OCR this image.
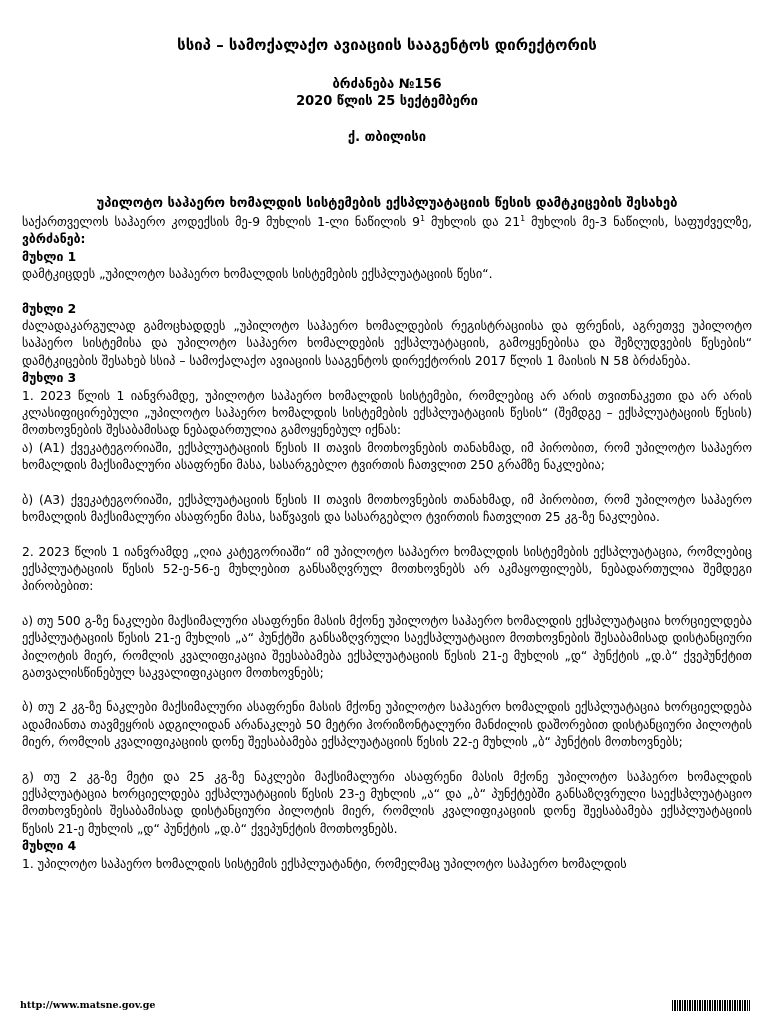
სსიპ – სამოქალაქო ავიაციის სააგენტოს დირექტორის
ბრძანება №156
2020 წლის 25 სექტემბერი
ქ. თბილისი
უპილოტო საჰაერო ხომალდის სისტემების ექსპლუატაციის წესის დამტკიცების შესახებ

საქართველოს საჰაერო კოდექსის მე-9 მუხლის 1-ლი ნაწილის $9^1$ მუხლის და $21^1$ მუხლის მე-3 ნაწილის, საფუძველზე, ვბრძანებ:

მუხლი 1

დამტკიცდეს „უპილოტო საჰაერო ხომალდის სისტემების ექსპლუატაციის წესი“.

მუხლი 2

ძალადაკარგულად გამოცხადდეს „უპილოტო საჰაერო ხომალდების რეგისტრაციისა და ფრენის, აგრეთვე უპილოტო საჰაერო სისტემისა და უპილოტო საჰაერო ხომალდების ექსპლუატაციის, გამოყენებისა და შეზღუდვების წესების“ დამტკიცების შესახებ სსიპ – სამოქალაქო ავიაციის სააგენტოს დირექტორის 2017 წლის 1 მაისის N 58 ბრძანება.

მუხლი 3

1. 2023 წლის 1 იანვრამდე, უპილოტო საჰაერო ხომალდის სისტემები, რომლებიც არ არის თვითნაკეთი და არ არის კლასიფიცირებული „უპილოტო საჰაერო ხომალდის სისტემების ექსპლუატაციის წესის“ (შემდგე – ექსპლუატაციის წესის) მოთხოვნების შესაბამისად ნებადართულია გამოყენებულ იქნას:

ა) (A1) ქვეკატეგორიაში, ექსპლუატაციის წესის II თავის მოთხოვნების თანახმად, იმ პირობით, რომ უპილოტო საჰაერო ხომალდის მაქსიმალური ასაფრენი მასა, სასარგებლო ტვირთის ჩათვლით 250 გრამზე ნაკლებია;

ბ) (A3) ქვეკატეგორიაში, ექსპლუატაციის წესის II თავის მოთხოვნების თანახმად, იმ პირობით, რომ უპილოტო საჰაერო ხომალდის მაქსიმალური ასაფრენი მასა, საწვავის და სასარგებლო ტვირთის ჩათვლით 25 კგ-ზე ნაკლებია.

2. 2023 წლის 1 იანვრამდე „ღია კატეგორიაში“ იმ უპილოტო საჰაერო ხომალდის სისტემების ექსპლუატაცია, რომლებიც ექსპლუატაციის წესის 52-ე-56-ე მუხლებით განსაზღვრულ მოთხოვნებს არ აკმაყოფილებს, ნებადართულია შემდეგი პირობებით:

ა) თუ 500 გ-ზე ნაკლები მაქსიმალური ასაფრენი მასის მქონე უპილოტო საჰაერო ხომალდის ექსპლუატაცია ხორციელდება ექსპლუატაციის წესის 21-ე მუხლის „ა“ პუნქტში განსაზღვრული საექსპლუატაციო მოთხოვნების შესაბამისად დისტანციური პილოტის მიერ, რომლის კვალიფიკაცია შეესაბამება ექსპლუატაციის წესის 21-ე მუხლის „დ“ პუნქტის „დ.ბ“ ქვეპუნქტით გათვალისწინებულ საკვალიფიკაციო მოთხოვნებს;

ბ) თუ 2 კგ-ზე ნაკლები მაქსიმალური ასაფრენი მასის მქონე უპილოტო საჰაერო ხომალდის ექსპლუატაცია ხორციელდება ადამიანთა თავმეყრის ადგილიდან არანაკლებ 50 მეტრი ჰორიზონტალური მანძილის დაშორებით დისტანციური პილოტის მიერ, რომლის კვალიფიკაციის დონე შეესაბამება ექსპლუატაციის წესის 22-ე მუხლის „ბ“ პუნქტის მოთხოვნებს;

გ) თუ 2 კგ-ზე მეტი და 25 კგ-ზე ნაკლები მაქსიმალური ასაფრენი მასის მქონე უპილოტო საჰაერო ხომალდის ექსპლუატაცია ხორციელდება ექსპლუატაციის წესის 23-ე მუხლის „ა“ და „ბ“ პუნქტებში განსაზღვრული საექსპლუატაციო მოთხოვნების შესაბამისად დისტანციური პილოტის მიერ, რომლის კვალიფიკაციის დონე შეესაბამება ექსპლუატაციის წესის 21-ე მუხლის „დ“ პუნქტის „დ.ბ“ ქვეპუნქტის მოთხოვნებს.

მუხლი 4

1. უპილოტო საჰაერო ხომალდის სისტემის ექსპლუატანტი, რომელმაც უპილოტო საჰაერო ხომალდის

http://www.matsne.gov.ge
